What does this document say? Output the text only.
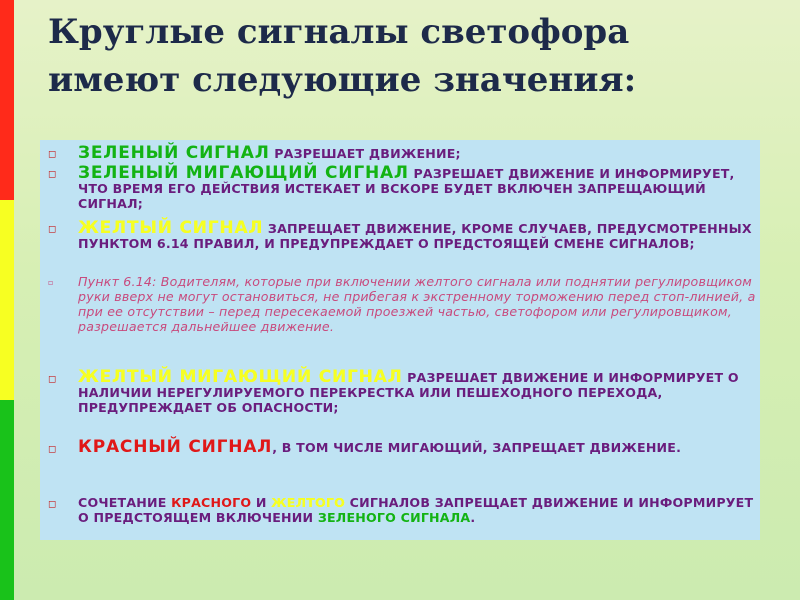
Круглые сигналы светофора имеют следующие значения:
◻ ЗЕЛЕНЫЙ СИГНАЛ РАЗРЕШАЕТ ДВИЖЕНИЕ;
◻ ЗЕЛЕНЫЙ МИГАЮЩИЙ СИГНАЛ РАЗРЕШАЕТ ДВИЖЕНИЕ И ИНФОРМИРУЕТ, ЧТО ВРЕМЯ ЕГО ДЕЙСТВИЯ ИСТЕКАЕТ И ВСКОРЕ БУДЕТ ВКЛЮЧЕН ЗАПРЕЩАЮЩИЙ СИГНАЛ;
◻ ЖЕЛТЫЙ СИГНАЛ ЗАПРЕЩАЕТ ДВИЖЕНИЕ, КРОМЕ СЛУЧАЕВ, ПРЕДУСМОТРЕННЫХ ПУНКТОМ 6.14 ПРАВИЛ, И ПРЕДУПРЕЖДАЕТ О ПРЕДСТОЯЩЕЙ СМЕНЕ СИГНАЛОВ;
▫ Пункт 6.14: Водителям, которые при включении желтого сигнала или поднятии регулировщиком руки вверх не могут остановиться, не прибегая к экстренному торможению перед стоп-линией, а при ее отсутствии – перед пересекаемой проезжей частью, светофором или регулировщиком, разрешается дальнейшее движение.
◻ ЖЕЛТЫЙ МИГАЮЩИЙ СИГНАЛ РАЗРЕШАЕТ ДВИЖЕНИЕ И ИНФОРМИРУЕТ О НАЛИЧИИ НЕРЕГУЛИРУЕМОГО ПЕРЕКРЕСТКА ИЛИ ПЕШЕХОДНОГО ПЕРЕХОДА, ПРЕДУПРЕЖДАЕТ ОБ ОПАСНОСТИ;
◻ КРАСНЫЙ СИГНАЛ, В ТОМ ЧИСЛЕ МИГАЮЩИЙ, ЗАПРЕЩАЕТ ДВИЖЕНИЕ.
◻ СОЧЕТАНИЕ КРАСНОГО И ЖЕЛТОГО СИГНАЛОВ ЗАПРЕЩАЕТ ДВИЖЕНИЕ И ИНФОРМИРУЕТ О ПРЕДСТОЯЩЕМ ВКЛЮЧЕНИИ ЗЕЛЕНОГО СИГНАЛА.
